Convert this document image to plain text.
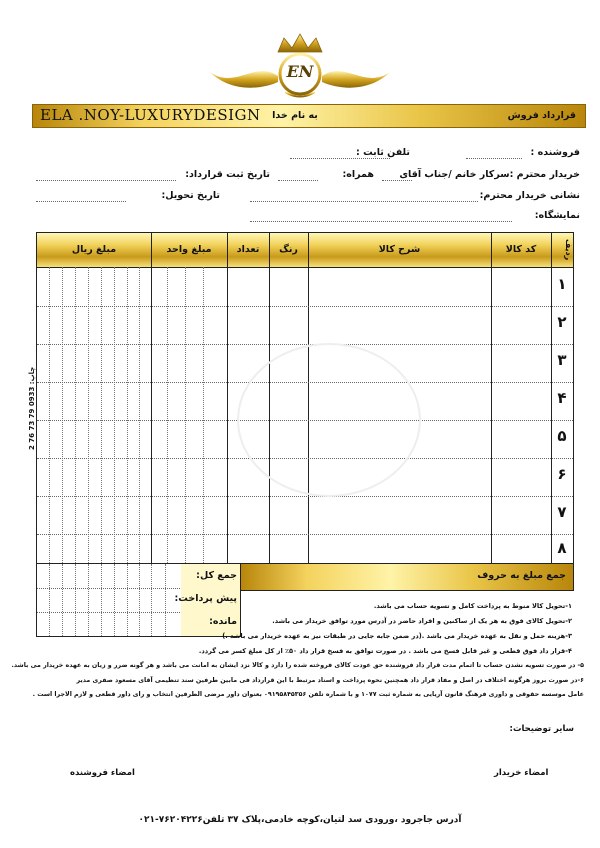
EN
ELA .NOY-LUXURYDESIGN	به نام خدا	قرارداد فروش
فروشنده :
تلفن ثابت :
خریدار محترم :سرکار خانم /جناب آقای
همراه:
تاریخ ثبت قرارداد:
نشانی خریدار محترم:
تاریخ تحویل:
نمایشگاه:
ردیف
کد کالا
شرح کالا
رنگ
تعداد
مبلغ واحد
مبلغ ریال
۱
۲
۳
۴
۵
۶
۷
۸
چاپ: 0933 79 73 76 2
جمع مبلغ به حروف
جمع کل:
پیش پرداخت:
مانده:
۱-تحویل کالا منوط به پرداخت کامل و تسویه حساب می باشد.
۲-تحویل کالای فوق به هر یک از ساکنین و افراد حاضر در آدرس مورد توافق خریدار می باشد.
۳-هزینه حمل و نقل به عهده خریدار می باشد .(در ضمن جابه جایی در طبقات نیز به عهده خریدار می باشد .)
۴-قرار داد فوق قطعی و غیر قابل فسخ می باشد . در صورت توافق به فسخ قرار داد ۵۰٪ از کل مبلغ کسر می گردد.
۵- در صورت تسویه نشدن حساب تا اتمام مدت قرار داد فروشنده حق عودت کالای فروخته شده را دارد و کالا نزد ایشان به امانت می باشد و هر گونه ضرر و زیان به عهده خریدار می باشد.
۶-در صورت بروز هرگونه اختلاف در اصل و مفاد قرار داد همچنین نحوه پرداخت و اسناد مرتبط با این قرارداد فی مابین طرفین سند تنظیمی آقای مسعود صفری مدیر
عامل موسسه حقوقی و داوری فرهنگ قانون آریایی به شماره ثبت ۱۰۷۷ و با شماره تلفن ۰۹۱۹۵۸۴۵۳۵۶ بعنوان داور مرضی الطرفین انتخاب و رای داور قطعی و لازم الاجرا است .
سایر توضیحات:
امضاء خریدار
امضاء فروشنده
آدرس جاجرود ،ورودی سد لتیان،کوچه خادمی،پلاک ۳۷ تلفن۷۶۲۰۴۲۲۶-۰۲۱
